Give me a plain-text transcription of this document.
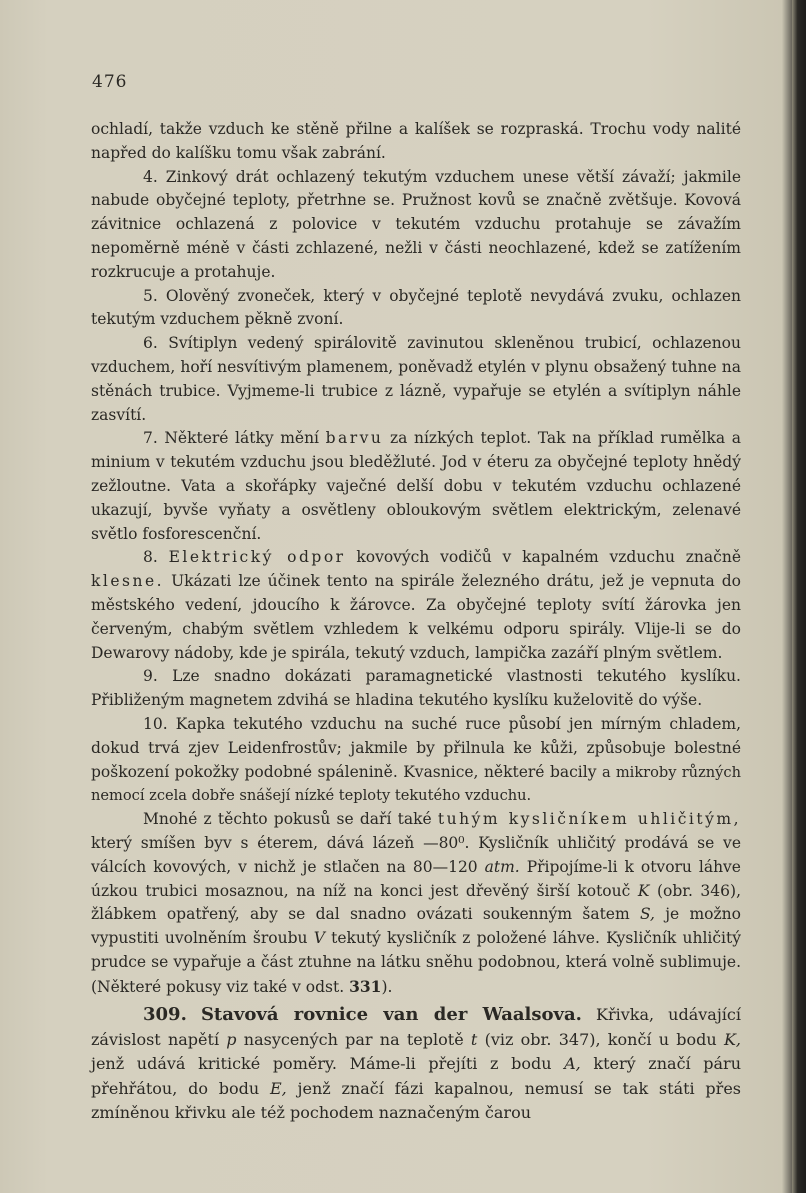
476

ochladí, takže vzduch ke stěně přilne a kalíšek se rozpraská. Trochu vody nalité napřed do kalíšku tomu však zabrání.

4. Zinkový drát ochlazený tekutým vzduchem unese větší závaží; jakmile nabude obyčejné teploty, přetrhne se. Pružnost kovů se značně zvětšuje. Kovová závitnice ochlazená z polovice v tekutém vzduchu protahuje se závažím nepoměrně méně v části zchlazené, nežli v části neochlazené, kdež se zatížením rozkrucuje a protahuje.

5. Olověný zvoneček, který v obyčejné teplotě nevydává zvuku, ochlazen tekutým vzduchem pěkně zvoní.

6. Svítiplyn vedený spirálovitě zavinutou skleněnou trubicí, ochlazenou vzduchem, hoří nesvítivým plamenem, poněvadž etylén v plynu obsažený tuhne na stěnách trubice. Vyjmeme-li trubice z lázně, vypařuje se etylén a svítiplyn náhle zasvítí.

7. Některé látky mění barvu za nízkých teplot. Tak na příklad rumělka a minium v tekutém vzduchu jsou bleděžluté. Jod v éteru za obyčejné teploty hnědý zežloutne. Vata a skořápky vaječné delší dobu v tekutém vzduchu ochlazené ukazují, byvše vyňaty a osvětleny obloukovým světlem elektrickým, zelenavé světlo fosforescenční.

8. Elektrický odpor kovových vodičů v kapalném vzduchu značně klesne. Ukázati lze účinek tento na spirále železného drátu, jež je vepnuta do městského vedení, jdoucího k žárovce. Za obyčejné teploty svítí žárovka jen červeným, chabým světlem vzhledem k velkému odporu spirály. Vlije-li se do Dewarovy nádoby, kde je spirála, tekutý vzduch, lampička zazáří plným světlem.

9. Lze snadno dokázati paramagnetické vlastnosti tekutého kyslíku. Přibliženým magnetem zdvihá se hladina tekutého kyslíku kuželovitě do výše.

10. Kapka tekutého vzduchu na suché ruce působí jen mírným chladem, dokud trvá zjev Leidenfrostův; jakmile by přilnula ke kůži, způsobuje bolestné poškození pokožky podobné spálenině. Kvasnice, některé bacily a mikroby různých nemocí zcela dobře snášejí nízké teploty tekutého vzduchu.

Mnohé z těchto pokusů se daří také tuhým kysličníkem uhličitým, který smíšen byv s éterem, dává lázeň —80⁰. Kysličník uhličitý prodává se ve válcích kovových, v nichž je stlačen na 80—120 atm. Připojíme-li k otvoru láhve úzkou trubici mosaznou, na níž na konci jest dřevěný širší kotouč K (obr. 346), žlábkem opatřený, aby se dal snadno ovázati soukenným šatem S, je možno vypustiti uvolněním šroubu V tekutý kysličník z položené láhve. Kysličník uhličitý prudce se vypařuje a část ztuhne na látku sněhu podobnou, která volně sublimuje. (Některé pokusy viz také v odst. 331).

309. Stavová rovnice van der Waalsova. Křivka, udávající závislost napětí p nasycených par na teplotě t (viz obr. 347), končí u bodu K, jenž udává kritické poměry. Máme-li přejíti z bodu A, který značí páru přehřátou, do bodu E, jenž značí fázi kapalnou, nemusí se tak státi přes zmíněnou křivku ale též pochodem naznačeným čarou
